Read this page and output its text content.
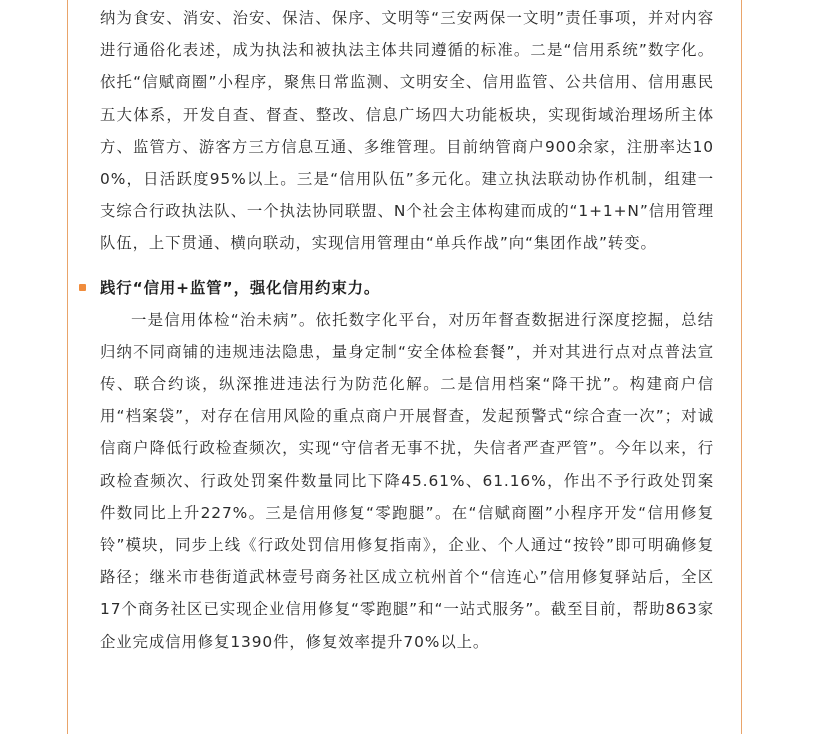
纳为食安、消安、治安、保洁、保序、文明等“三安两保一文明”责任事项，并对内容进行通俗化表述，成为执法和被执法主体共同遵循的标准。二是“信用系统”数字化。依托“信赋商圈”小程序，聚焦日常监测、文明安全、信用监管、公共信用、信用惠民五大体系，开发自查、督查、整改、信息广场四大功能板块，实现街域治理场所主体方、监管方、游客方三方信息互通、多维管理。目前纳管商户900余家，注册率达100%，日活跃度95%以上。三是“信用队伍”多元化。建立执法联动协作机制，组建一支综合行政执法队、一个执法协同联盟、N个社会主体构建而成的“1+1+N”信用管理队伍，上下贯通、横向联动，实现信用管理由“单兵作战”向“集团作战”转变。

践行“信用+监管”，强化信用约束力。

一是信用体检“治未病”。依托数字化平台，对历年督查数据进行深度挖掘，总结归纳不同商铺的违规违法隐患，量身定制“安全体检套餐”，并对其进行点对点普法宣传、联合约谈，纵深推进违法行为防范化解。二是信用档案“降干扰”。构建商户信用“档案袋”，对存在信用风险的重点商户开展督查，发起预警式“综合查一次”；对诚信商户降低行政检查频次，实现“守信者无事不扰，失信者严查严管”。今年以来，行政检查频次、行政处罚案件数量同比下降45.61%、61.16%，作出不予行政处罚案件数同比上升227%。三是信用修复“零跑腿”。在“信赋商圈”小程序开发“信用修复铃”模块，同步上线《行政处罚信用修复指南》，企业、个人通过“按铃”即可明确修复路径；继米市巷街道武林壹号商务社区成立杭州首个“信连心”信用修复驿站后，全区17个商务社区已实现企业信用修复“零跑腿”和“一站式服务”。截至目前，帮助863家企业完成信用修复1390件，修复效率提升70%以上。
